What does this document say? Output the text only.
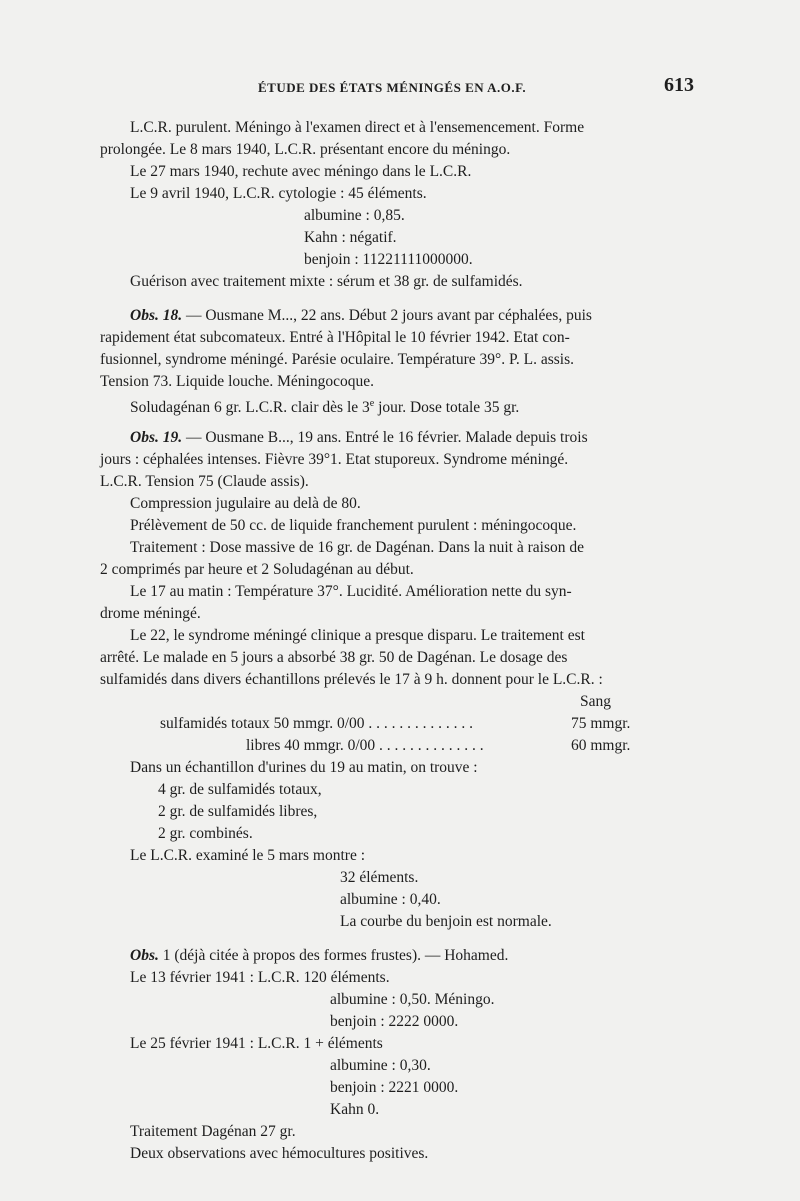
ÉTUDE DES ÉTATS MÉNINGÉS EN A.O.F.	613
L.C.R. purulent. Méningo à l'examen direct et à l'ensemencement. Forme
prolongée. Le 8 mars 1940, L.C.R. présentant encore du méningo.
Le 27 mars 1940, rechute avec méningo dans le L.C.R.
Le 9 avril 1940, L.C.R. cytologie : 45 éléments.
albumine : 0,85.
Kahn : négatif.
benjoin : 11221111000000.
Guérison avec traitement mixte : sérum et 38 gr. de sulfamidés.
Obs. 18. — Ousmane M..., 22 ans. Début 2 jours avant par céphalées, puis
rapidement état subcomateux. Entré à l'Hôpital le 10 février 1942. Etat con-
fusionnel, syndrome méningé. Parésie oculaire. Température 39°. P. L. assis.
Tension 73. Liquide louche. Méningocoque.
Soludagénan 6 gr. L.C.R. clair dès le 3e jour. Dose totale 35 gr.
Obs. 19. — Ousmane B..., 19 ans. Entré le 16 février. Malade depuis trois
jours : céphalées intenses. Fièvre 39°1. Etat stuporeux. Syndrome méningé.
L.C.R. Tension 75 (Claude assis).
Compression jugulaire au delà de 80.
Prélèvement de 50 cc. de liquide franchement purulent : méningocoque.
Traitement : Dose massive de 16 gr. de Dagénan. Dans la nuit à raison de
2 comprimés par heure et 2 Soludagénan au début.
Le 17 au matin : Température 37°. Lucidité. Amélioration nette du syn-
drome méningé.
Le 22, le syndrome méningé clinique a presque disparu. Le traitement est
arrêté. Le malade en 5 jours a absorbé 38 gr. 50 de Dagénan. Le dosage des
sulfamidés dans divers échantillons prélevés le 17 à 9 h. donnent pour le L.C.R. :
Sang
sulfamidés totaux 50 mmgr. 0/00 . . . . . . . . . . . . . .	75 mmgr.
libres 40 mmgr. 0/00 . . . . . . . . . . . . . .	60 mmgr.
Dans un échantillon d'urines du 19 au matin, on trouve :
4 gr. de sulfamidés totaux,
2 gr. de sulfamidés libres,
2 gr. combinés.
Le L.C.R. examiné le 5 mars montre :
32 éléments.
albumine : 0,40.
La courbe du benjoin est normale.
Obs. 1 (déjà citée à propos des formes frustes). — Hohamed.
Le 13 février 1941 : L.C.R. 120 éléments.
albumine : 0,50. Méningo.
benjoin : 2222 0000.
Le 25 février 1941 : L.C.R. 1 + éléments
albumine : 0,30.
benjoin : 2221 0000.
Kahn 0.
Traitement Dagénan 27 gr.
Deux observations avec hémocultures positives.
